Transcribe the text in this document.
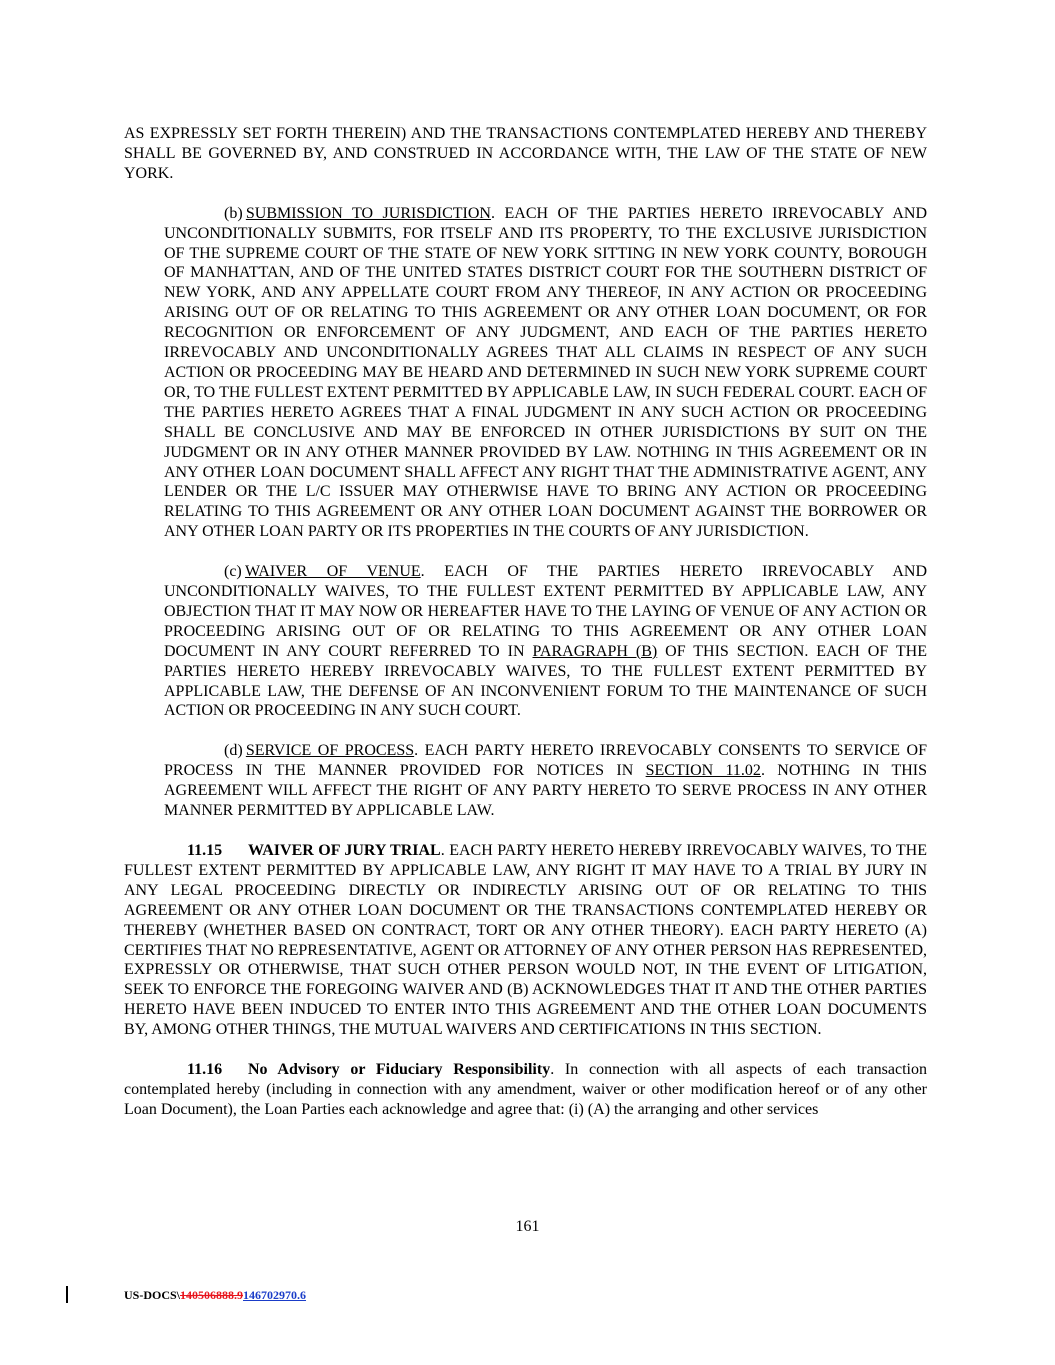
AS EXPRESSLY SET FORTH THEREIN) AND THE TRANSACTIONS CONTEMPLATED HEREBY AND THEREBY SHALL BE GOVERNED BY, AND CONSTRUED IN ACCORDANCE WITH, THE LAW OF THE STATE OF NEW YORK.

(b)  SUBMISSION TO JURISDICTION. EACH OF THE PARTIES HERETO IRREVOCABLY AND UNCONDITIONALLY SUBMITS, FOR ITSELF AND ITS PROPERTY, TO THE EXCLUSIVE JURISDICTION OF THE SUPREME COURT OF THE STATE OF NEW YORK SITTING IN NEW YORK COUNTY, BOROUGH OF MANHATTAN, AND OF THE UNITED STATES DISTRICT COURT FOR THE SOUTHERN DISTRICT OF NEW YORK, AND ANY APPELLATE COURT FROM ANY THEREOF, IN ANY ACTION OR PROCEEDING ARISING OUT OF OR RELATING TO THIS AGREEMENT OR ANY OTHER LOAN DOCUMENT, OR FOR RECOGNITION OR ENFORCEMENT OF ANY JUDGMENT, AND EACH OF THE PARTIES HERETO IRREVOCABLY AND UNCONDITIONALLY AGREES THAT ALL CLAIMS IN RESPECT OF ANY SUCH ACTION OR PROCEEDING MAY BE HEARD AND DETERMINED IN SUCH NEW YORK SUPREME COURT OR, TO THE FULLEST EXTENT PERMITTED BY APPLICABLE LAW, IN SUCH FEDERAL COURT. EACH OF THE PARTIES HERETO AGREES THAT A FINAL JUDGMENT IN ANY SUCH ACTION OR PROCEEDING SHALL BE CONCLUSIVE AND MAY BE ENFORCED IN OTHER JURISDICTIONS BY SUIT ON THE JUDGMENT OR IN ANY OTHER MANNER PROVIDED BY LAW. NOTHING IN THIS AGREEMENT OR IN ANY OTHER LOAN DOCUMENT SHALL AFFECT ANY RIGHT THAT THE ADMINISTRATIVE AGENT, ANY LENDER OR THE L/C ISSUER MAY OTHERWISE HAVE TO BRING ANY ACTION OR PROCEEDING RELATING TO THIS AGREEMENT OR ANY OTHER LOAN DOCUMENT AGAINST THE BORROWER OR ANY OTHER LOAN PARTY OR ITS PROPERTIES IN THE COURTS OF ANY JURISDICTION.

(c)  WAIVER OF VENUE. EACH OF THE PARTIES HERETO IRREVOCABLY AND UNCONDITIONALLY WAIVES, TO THE FULLEST EXTENT PERMITTED BY APPLICABLE LAW, ANY OBJECTION THAT IT MAY NOW OR HEREAFTER HAVE TO THE LAYING OF VENUE OF ANY ACTION OR PROCEEDING ARISING OUT OF OR RELATING TO THIS AGREEMENT OR ANY OTHER LOAN DOCUMENT IN ANY COURT REFERRED TO IN PARAGRAPH (B) OF THIS SECTION. EACH OF THE PARTIES HERETO HEREBY IRREVOCABLY WAIVES, TO THE FULLEST EXTENT PERMITTED BY APPLICABLE LAW, THE DEFENSE OF AN INCONVENIENT FORUM TO THE MAINTENANCE OF SUCH ACTION OR PROCEEDING IN ANY SUCH COURT.

(d)  SERVICE OF PROCESS. EACH PARTY HERETO IRREVOCABLY CONSENTS TO SERVICE OF PROCESS IN THE MANNER PROVIDED FOR NOTICES IN SECTION 11.02. NOTHING IN THIS AGREEMENT WILL AFFECT THE RIGHT OF ANY PARTY HERETO TO SERVE PROCESS IN ANY OTHER MANNER PERMITTED BY APPLICABLE LAW.

11.15 WAIVER OF JURY TRIAL. EACH PARTY HERETO HEREBY IRREVOCABLY WAIVES, TO THE FULLEST EXTENT PERMITTED BY APPLICABLE LAW, ANY RIGHT IT MAY HAVE TO A TRIAL BY JURY IN ANY LEGAL PROCEEDING DIRECTLY OR INDIRECTLY ARISING OUT OF OR RELATING TO THIS AGREEMENT OR ANY OTHER LOAN DOCUMENT OR THE TRANSACTIONS CONTEMPLATED HEREBY OR THEREBY (WHETHER BASED ON CONTRACT, TORT OR ANY OTHER THEORY). EACH PARTY HERETO (A) CERTIFIES THAT NO REPRESENTATIVE, AGENT OR ATTORNEY OF ANY OTHER PERSON HAS REPRESENTED, EXPRESSLY OR OTHERWISE, THAT SUCH OTHER PERSON WOULD NOT, IN THE EVENT OF LITIGATION, SEEK TO ENFORCE THE FOREGOING WAIVER AND (B) ACKNOWLEDGES THAT IT AND THE OTHER PARTIES HERETO HAVE BEEN INDUCED TO ENTER INTO THIS AGREEMENT AND THE OTHER LOAN DOCUMENTS BY, AMONG OTHER THINGS, THE MUTUAL WAIVERS AND CERTIFICATIONS IN THIS SECTION.

11.16 No Advisory or Fiduciary Responsibility. In connection with all aspects of each transaction contemplated hereby (including in connection with any amendment, waiver or other modification hereof or of any other Loan Document), the Loan Parties each acknowledge and agree that: (i) (A) the arranging and other services

161
US-DOCS\140506888.9146702970.6
